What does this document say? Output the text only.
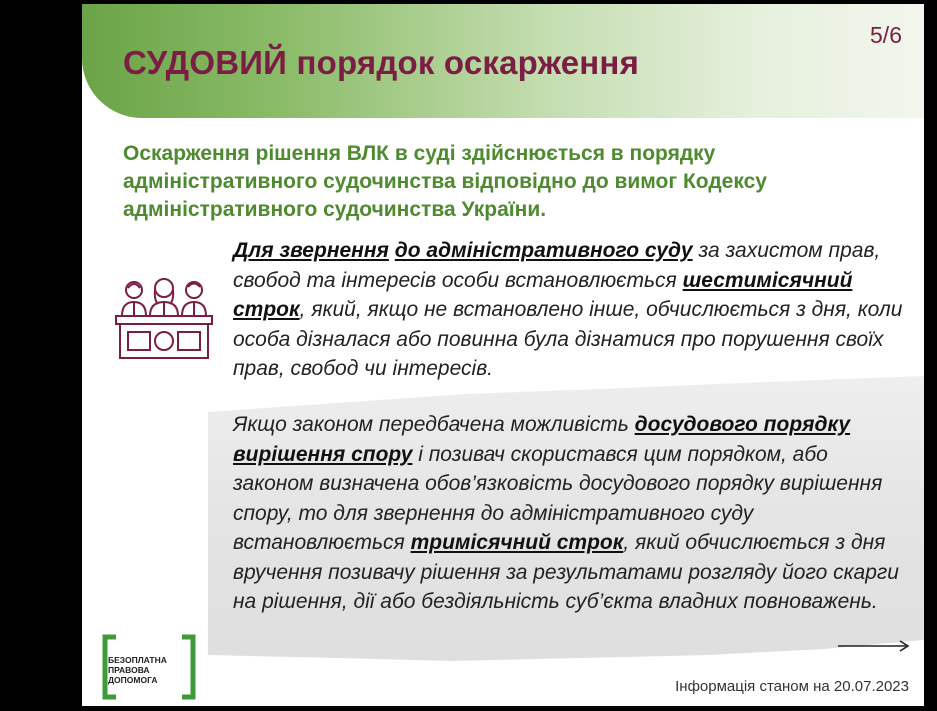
5/6
СУДОВИЙ порядок оскарження

Оскарження рішення ВЛК в суді здійснюється в порядку адміністративного судочинства відповідно до вимог Кодексу адміністративного судочинства України.

Для звернення до адміністративного суду за захистом прав, свобод та інтересів особи встановлюється шестимісячний строк, який, якщо не встановлено інше, обчислюється з дня, коли особа дізналася або повинна була дізнатися про порушення своїх прав, свобод чи інтересів.

Якщо законом передбачена можливість досудового порядку вирішення спору і позивач скористався цим порядком, або законом визначена обов’язковість досудового порядку вирішення спору, то для звернення до адміністративного суду встановлюється тримісячний строк, який обчислюється з дня вручення позивачу рішення за результатами розгляду його скарги на рішення, дії або бездіяльність суб’єкта владних повноважень.

БЕЗОПЛАТНА
ПРАВОВА
ДОПОМОГА	Інформація станом на 20.07.2023
